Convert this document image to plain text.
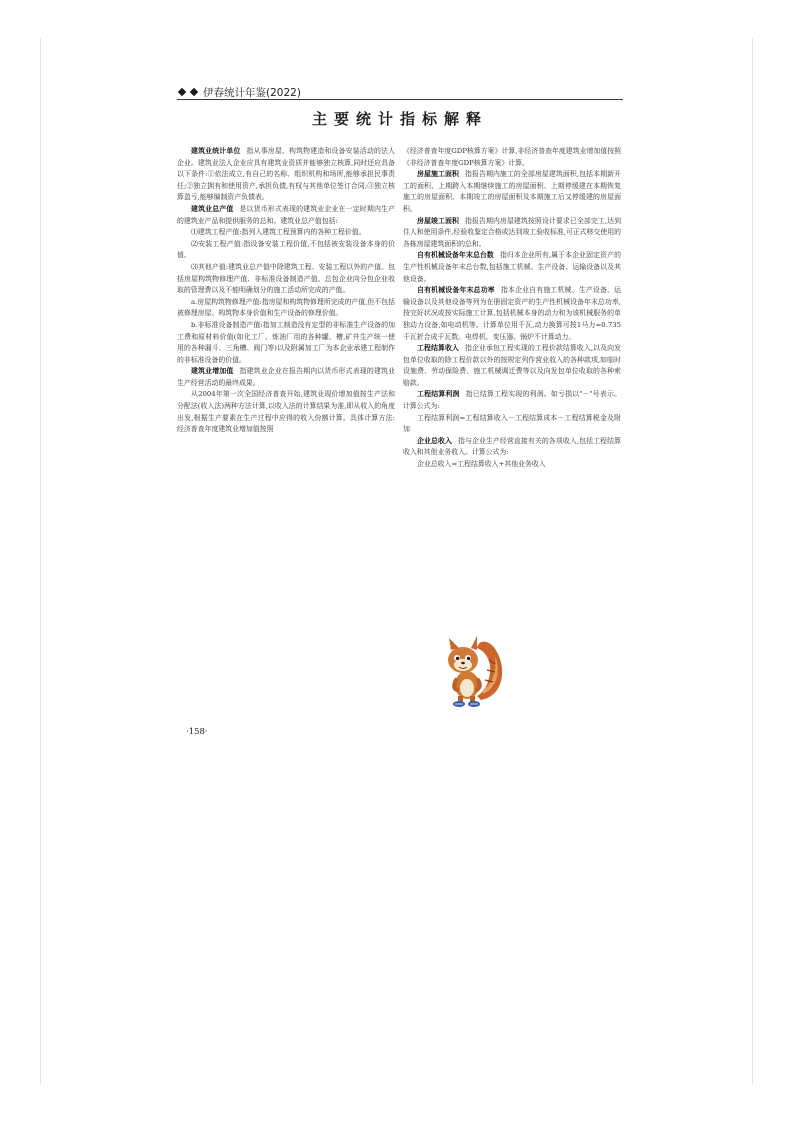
伊春统计年鉴(2022)
主要统计指标解释

建筑业统计单位 指从事房屋、构筑物建造和设备安装活动的法人企业。建筑业法人企业应具有建筑业资质并能够独立核算,同时还应具备以下条件:①依法成立,有自己的名称、组织机构和场所,能够承担民事责任;②独立拥有和使用资产,承担负债,有权与其他单位签订合同;③独立核算盈亏,能够编制资产负债表。

建筑业总产值 是以货币形式表现的建筑业企业在一定时期内生产的建筑业产品和提供服务的总和。建筑业总产值包括:

⑴建筑工程产值:指列入建筑工程预算内的各种工程价值。

⑵安装工程产值:指设备安装工程价值,不包括被安装设备本身的价值。

⑶其他产值:建筑业总产值中除建筑工程、安装工程以外的产值。包括房屋构筑物修理产值、非标准设备制造产值、总包企业向分包企业收取的管理费以及不能明确划分的施工活动所完成的产值。

a.房屋构筑物修理产值:指房屋和构筑物修理所完成的产值,但不包括被修理房屋、构筑物本身价值和生产设备的修理价值。

b.非标准设备制造产值:指加工制造没有定型的非标准生产设备的加工费和原材料价值(如化工厂、炼油厂用的各种罐、槽,矿井生产统一使用的各种漏斗、三角槽、阀门等)以及附属加工厂为本企业承建工程制作的非标准设备的价值。

建筑业增加值 指建筑业企业在报告期内以货币形式表现的建筑业生产经营活动的最终成果。

从2004年第一次全国经济普查开始,建筑业现价增加值按生产法和分配法(收入法)两种方法计算,以收入法的计算结果为准,即从收入的角度出发,根据生产要素在生产过程中应得的收入份额计算。具体计算方法:经济普查年度建筑业增加值按照

《经济普查年度GDP核算方案》计算,非经济普查年度建筑业增加值按照《非经济普查年度GDP核算方案》计算。

房屋施工面积 指报告期内施工的全部房屋建筑面积,包括本期新开工的面积、上期跨入本期继续施工的房屋面积、上期停缓建在本期恢复施工的房屋面积、本期竣工的房屋面积及本期施工后又停缓建的房屋面积。

房屋竣工面积 指报告期内房屋建筑按照设计要求已全部完工,达到住人和使用条件,经验收鉴定合格或达到竣工验收标准,可正式移交使用的各栋房屋建筑面积的总和。

自有机械设备年末总台数 指归本企业所有,属于本企业固定资产的生产性机械设备年末总台数,包括施工机械、生产设备、运输设备以及其他设备。

自有机械设备年末总功率 指本企业自有施工机械、生产设备、运输设备以及其他设备等列为在册固定资产的生产性机械设备年末总功率,按完好状况或按实际施工计算,包括机械本身的动力和为该机械服务的单独动力设备,如电动机等。计算单位用千瓦,动力换算可按1马力=0.735千瓦折合成千瓦数。电焊机、变压器、锅炉不计算动力。

工程结算收入 指企业承包工程实现的工程价款结算收入,以及向发包单位收取的除工程价款以外的按规定列作营业收入的各种款项,如临时设施费、劳动保险费、施工机械调迁费等以及向发包单位收取的各种索赔款。

工程结算利润 指已结算工程实现的利润。如亏损以"－"号表示。计算公式为:

工程结算利润=工程结算收入－工程结算成本－工程结算税金及附加

企业总收入 指与企业生产经营直接有关的各项收入,包括工程结算收入和其他业务收入。计算公式为:

企业总收入=工程结算收入+其他业务收入

·158·
